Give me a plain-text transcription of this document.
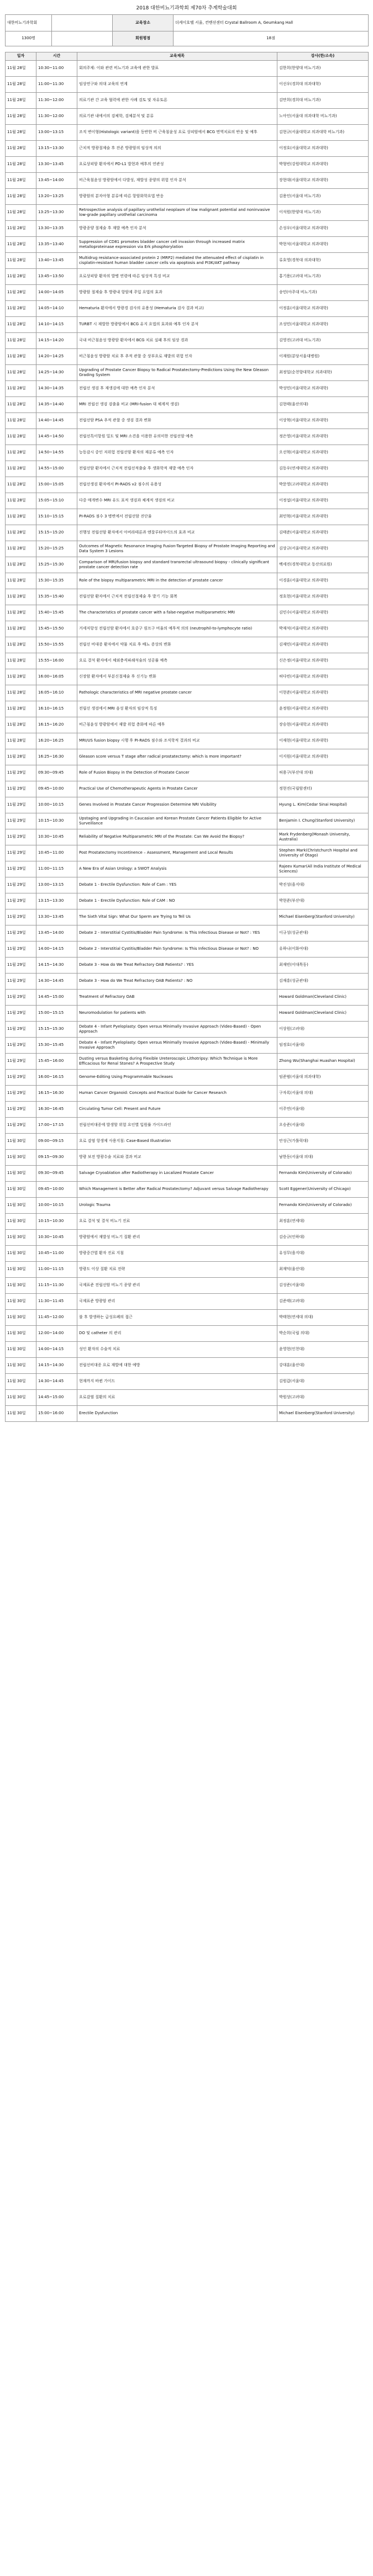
2018 대한비뇨기과학회 제70차 추계학술대회
대한비뇨기과학회		교육장소	더케이호텔 서울, 컨벤션센터 Crystal Ballroom A, Geumkang Hall
1300명		회원평점	18점
일자	시간	교육제목	강사(한/소속)
11월 28일	10:30~11:00	회의주제: 이와 관련 비뇨기과 교육에 관한 발표	김한희(한양대 비뇨기과)
11월 28일	11:00~11:30	임상연구와 의대 교육의 연계	이선우(경희대 의과대학)
11월 28일	11:30~12:00	의료기관 간 교육 협력에 관한 사례 검토 및 자유토론	김만희(경희대 비뇨기과)
11월 28일	11:30~12:00	의료기관 내에서의 검체학, 검체분석 및 분류	노아인(서울대 의과대학 비뇨기과)
11월 28일	13:00~13:15	조직 변이형(Histologic variant)을 동반한 비 근육침윤성 요로 상피암에서 BCG 면역치료의 반응 및 예후	김현규(서울대학교 의과대학 비뇨기과)
11월 28일	13:15~13:30	근치적 방광절제술 후 잔존 방광암의 임상적 의의	이정호(서울대학교 의과대학)
11월 28일	13:30~13:45	요로상피암 환자에서 PD-L1 발현과 예후의 연관성	박형빈(강원대학교 의과대학)
11월 28일	13:45~14:00	비근육침윤성 방광암에서 다발성, 재발성 종양의 위험 인자 분석	장현대(서울대학교 의과대학)
11월 28일	13:20~13:25	방광암의 분자아형 분류에 따른 항암화학요법 반응	김용인(서울대 비뇨기과)
11월 28일	13:25~13:30	Retrospective analysis of papillary urothelial neoplasm of low malignant potential and noninvasive low-grade papillary urothelial carcinoma	이석원(한양대 비뇨기과)
11월 28일	13:30~13:35	방광종양 절제술 후 재발 예측 인자 분석	손성우(서울대학교 의과대학)
11월 28일	13:35~13:40	Suppression of CD81 promotes bladder cancer cell invasion through increased matrix metalloproteinase expression via Erk phosphorylation	박현석(서울대학교 의과대학)
11월 28일	13:40~13:45	Multidrug resistance-associated protein 2 (MRP2) mediated the attenuated effect of cisplatin in cisplatin-resistant human bladder cancer cells via apoptosis and PI3K/AKT pathway	류호영(경북대 의과대학)
11월 28일	13:45~13:50	요로상피암 환자의 발병 연령에 따른 임상적 특징 비교	홍기용(고려대 비뇨기과)
11월 28일	14:00~14:05	방광암 절제술 후 방광내 항암제 주입 요법의 효과	송민(아주대 비뇨기과)
11월 28일	14:05~14:10	Hematuria 환자에서 방광경 검사의 유용성 (Hematuria 검사 결과 비교)	이정훈(서울대학교 의과대학)
11월 28일	14:10~14:15	TURBT 시 재발한 방광암에서 BCG 유지 요법의 효과와 예후 인자 분석	조성민(서울대학교 의과대학)
11월 28일	14:15~14:20	국내 비근침윤성 방광암 환자에서 BCG 치료 실패 후의 임상 경과	김영진(고려대 비뇨기과)
11월 28일	14:20~14:25	비근침윤성 방광암 치료 후 추적 관찰 중 상부요로 재발의 위험 인자	이재원(분당서울대병원)
11월 28일	14:25~14:30	Upgrading of Prostate Cancer Biopsy to Radical Prostatectomy-Predictions Using the New Gleason Grading System	최정일(순천향대학교 의과대학)
11월 28일	14:30~14:35	전립선 생검 후 재생검에 대한 예측 인자 분석	박성민(서울대학교 의과대학)
11월 28일	14:35~14:40	MRI 전립선 생검 검출율 비교 (MRI-fusion 대 체계적 생검)	김현태(울산의대)
11월 28일	14:40~14:45	전립선암 PSA 추적 관찰 중 생검 결과 변화	이상혁(서울대학교 의과대학)
11월 28일	14:45~14:50	전립선특이항원 밀도 및 MRI 소견을 이용한 유의미한 전립선암 예측	정은영(서울대학교 의과대학)
11월 28일	14:50~14:55	능동감시 중인 저위험 전립선암 환자의 재분류 예측 인자	오선혁(서울대학교 의과대학)
11월 28일	14:55~15:00	전립선암 환자에서 근치적 전립선적출술 후 생화학적 재발 예측 인자	김동우(연세대학교 의과대학)
11월 28일	15:00~15:05	전립선생검 환자에서 PI-RADS v2 점수의 유용성	박문영(고려대학교 의과대학)
11월 28일	15:05~15:10	다중 매개변수 MRI 유도 표적 생검과 체계적 생검의 비교	이정섭(서울대학교 의과대학)
11월 28일	15:10~15:15	PI-RADS 점수 3 병변에서 전립선암 진단율	최민혁(서울대학교 의과대학)
11월 28일	15:15~15:20	진행성 전립선암 환자에서 아비라테론과 엔잘루타마이드의 효과 비교	김태준(서울대학교 의과대학)
11월 28일	15:20~15:25	Outcomes of Magnetic Resonance Imaging Fusion-Targeted Biopsy of Prostate Imaging Reporting and Data System 3 Lesions	김상규(서울대학교 의과대학)
11월 28일	15:25~15:30	Comparison of MRI/fusion biopsy and standard transrectal ultrasound biopsy - clinically significant prostate cancer detection rate	백세진(경북대학교 동산의료원)
11월 28일	15:30~15:35	Role of the biopsy multiparametric MRI in the detection of prostate cancer	이경훈(서울대학교 의과대학)
11월 28일	15:35~15:40	전립선암 환자에서 근치적 전립선절제술 후 발기 기능 회복	정호현(서울대학교 의과대학)
11월 28일	15:40~15:45	The characteristics of prostate cancer with a false-negative multiparametric MRI	김민수(서울대학교 의과대학)
11월 28일	15:45~15:50	거세저항성 전립선암 환자에서 호중구 림프구 비율의 예후적 의의 (neutrophil-to-lymphocyte ratio)	박재석(서울대학교 의과대학)
11월 28일	15:50~15:55	전립선 비대증 환자에서 약물 치료 후 배뇨 증상의 변화	김재민(서울대학교 의과대학)
11월 28일	15:55~16:00	요로 결석 환자에서 체외충격파쇄석술의 성공률 예측	신은정(서울대학교 의과대학)
11월 28일	16:00~16:05	신장암 환자에서 부분신절제술 후 신기능 변화	허다빈(서울대학교 의과대학)
11월 28일	16:05~16:10	Pathologic characteristics of MRI negative prostate cancer	이현준(서울대학교 의과대학)
11월 28일	16:10~16:15	전립선 생검에서 MRI 음성 환자의 임상적 특징	윤정원(서울대학교 의과대학)
11월 28일	16:15~16:20	비근침윤성 방광암에서 재발 위험 층화에 따른 예후	장승현(서울대학교 의과대학)
11월 28일	16:20~16:25	MRI/US fusion biopsy 시행 후 PI-RADS 점수와 조직학적 결과의 비교	이재현(서울대학교 의과대학)
11월 28일	16:25~16:30	Gleason score versus T stage after radical prostatectomy: which is more important?	이지원(서울대학교 의과대학)
11월 29일	09:30~09:45	Role of Fusion Biopsy in the Detection of Prostate Cancer	허용구(부산대 의대)
11월 29일	09:45~10:00	Practical Use of Chemotherapeutic Agents in Prostate Cancer	정현진(국립암센터)
11월 29일	10:00~10:15	Genes Involved in Prostate Cancer Progression Determine NRI Visibility	Hyung L. Kim(Cedar Sinai Hospital)
11월 29일	10:15~10:30	Upstaging and Upgrading in Caucasian and Korean Prostate Cancer Patients Eligible for Active Surveillance	Benjamin I. Chung(Stanford University)
11월 29일	10:30~10:45	Reliability of Negative Multiparametric MRI of the Prostate: Can We Avoid the Biopsy?	Mark Frydenberg(Monash University, Australia)
11월 29일	10:45~11:00	Post Prostatectomy Incontinence – Assessment, Management and Local Results	Stephen Mark(Christchurch Hospital and University of Otago)
11월 29일	11:00~11:15	A New Era of Asian Urology: a SWOT Analysis	Rajeev Kumar(All India Institute of Medical Sciences)
11월 29일	13:00~13:15	Debate 1 - Erectile Dysfunction: Role of Cam : YES	박진성(을지대)
11월 29일	13:15~13:30	Debate 1 - Erectile Dysfunction: Role of CAM : NO	박현준(부산대)
11월 29일	13:30~13:45	The Sixth Vital Sign: What Our Sperm are Trying to Tell Us	Michael Eisenberg(Stanford University)
11월 29일	13:45~14:00	Debate 2 - Interstitial Cystitis/Bladder Pain Syndrome: Is This Infectious Disease or Not? : YES	이규성(성균관대)
11월 29일	14:00~14:15	Debate 2 - Interstitial Cystitis/Bladder Pain Syndrome: Is This Infectious Disease or Not? : NO	유하나(이화여대)
11월 29일	14:15~14:30	Debate 3 - How do We Treat Refractory OAB Patients? : YES	최재빈(이대목동)
11월 29일	14:30~14:45	Debate 3 - How do We Treat Refractory OAB Patients? : NO	김재흥(성균관대)
11월 29일	14:45~15:00	Treatment of Refractory OAB	Howard Goldman(Cleveland Clinic)
11월 29일	15:00~15:15	Neuromodulation for patients with	Howard Goldman(Cleveland Clinic)
11월 29일	15:15~15:30	Debate 4 - Infant Pyeloplasty: Open versus Minimally Invasive Approach (Video-Based) - Open Approach	이상원(고려대)
11월 29일	15:30~15:45	Debate 4 - Infant Pyeloplasty: Open versus Minimally Invasive Approach (Video-Based) - Minimally Invasive Approach	임정호(서울대)
11월 29일	15:45~16:00	Dusting versus Basketing during Flexible Ureteroscopic Lithotripsy: Which Technique is More Efficacious for Renal Stones? A Prospective Study	Zhong Wu(Shanghai Huashan Hospital)
11월 29일	16:00~16:15	Genome-Editing Using Programmable Nucleases	임준범(서울대 의과대학)
11월 29일	16:15~16:30	Human Cancer Organoid: Concepts and Practical Guide for Cancer Research	구자록(서울대 의대)
11월 29일	16:30~16:45	Circulating Tumor Cell: Present and Future	이주연(서울대)
11월 29일	17:00~17:15	전립선비대증에 발생할 위험 요인별 입원률 가이드라인	오승준(서울대)
11월 30일	09:00~09:15	요로 감염 항생제 사용지침: Case-Based Illustration	안성근(가톨릭대)
11월 30일	09:15~09:30	방광 보전 방광수술 치료와 결과 비교	남한동(서울대 의대)
11월 30일	09:30~09:45	Salvage Cryoablation after Radiotherapy in Localized Prostate Cancer	Fernando Kim(University of Colorado)
11월 30일	09:45~10:00	Which Management is Better after Radical Prostatectomy? Adjuvant versus Salvage Radiotherapy	Scott Eggener(University of Chicago)
11월 30일	10:00~10:15	Urologic Trauma	Fernando Kim(University of Colorado)
11월 30일	10:15~10:30	요로 결석 및 결석 비뇨기 진료	최정훈(연세대)
11월 30일	10:30~10:45	방광암에서 재발성 비뇨기 질환 관리	김승규(인하대)
11월 30일	10:45~11:00	방광중간엽 환자 진료 지침	유성무(을지대)
11월 30일	11:00~11:15	방광도 이상 질환 치료 전략	최재덕(울산대)
11월 30일	11:15~11:30	국제표준 전립선암 비뇨기 종양 관리	김성준(서울대)
11월 30일	11:30~11:45	국제표준 방광암 관리	김준태(고려대)
11월 30일	11:45~12:00	불 후 발생하는 급성요폐의 접근	박태현(연세대 의대)
11월 30일	12:00~14:00	DO 및 catheter 의 관리	박순희(국립 의대)
11월 30일	14:00~14:15	성인 환자의 수술적 치료	윤영현(인천대)
11월 30일	14:15~14:30	전립선비대증 요로 재발에 대한 예방	강대훈(울산대)
11월 30일	14:30~14:45	현재까지 바뀐 가이드	김원갑(서울대)
11월 30일	14:45~15:00	요로감염 질환의 치료	박원상(고려대)
11월 30일	15:00~16:00	Erectile Dysfunction	Michael Eisenberg(Stanford University)
